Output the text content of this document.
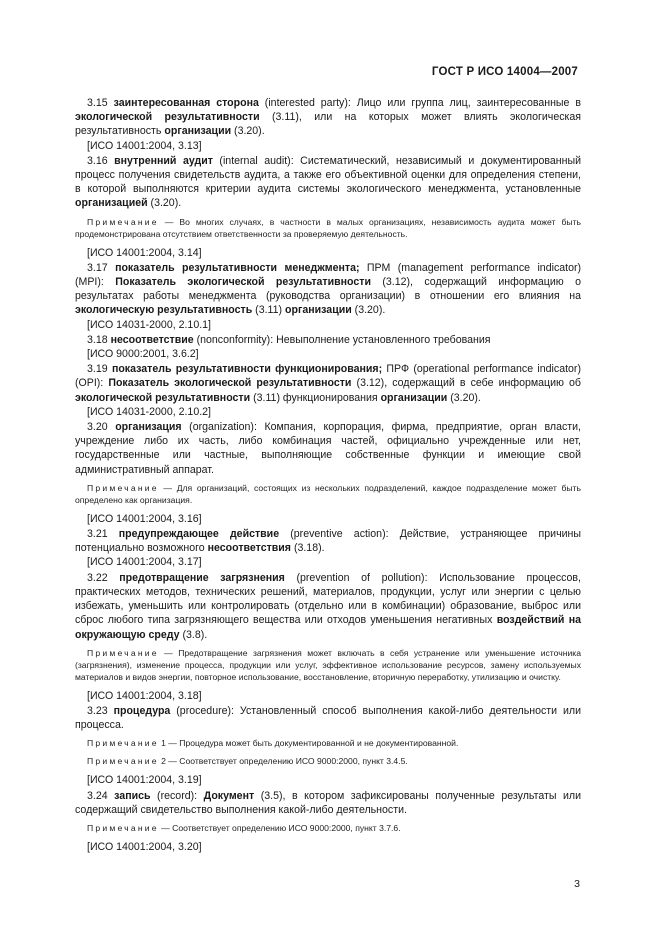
ГОСТ Р ИСО 14004—2007

3.15 заинтересованная сторона (interested party): Лицо или группа лиц, заинтересованные в экологической результативности (3.11), или на которых может влиять экологическая результативность организации (3.20).

[ИСО 14001:2004, 3.13]

3.16 внутренний аудит (internal audit): Систематический, независимый и документированный процесс получения свидетельств аудита, а также его объективной оценки для определения степени, в которой выполняются критерии аудита системы экологического менеджмента, установленные организацией (3.20).

Примечание — Во многих случаях, в частности в малых организациях, независимость аудита может быть продемонстрирована отсутствием ответственности за проверяемую деятельность.

[ИСО 14001:2004, 3.14]

3.17 показатель результативности менеджмента; ПРМ (management performance indicator) (MPI): Показатель экологической результативности (3.12), содержащий информацию о результатах работы менеджмента (руководства организации) в отношении его влияния на экологическую результативность (3.11) организации (3.20).

[ИСО 14031-2000, 2.10.1]

3.18 несоответствие (nonconformity): Невыполнение установленного требования

[ИСО 9000:2001, 3.6.2]

3.19 показатель результативности функционирования; ПРФ (operational performance indicator)(OPI): Показатель экологической результативности (3.12), содержащий в себе информацию об экологической результативности (3.11) функционирования организации (3.20).

[ИСО 14031-2000, 2.10.2]

3.20 организация (organization): Компания, корпорация, фирма, предприятие, орган власти, учреждение либо их часть, либо комбинация частей, официально учрежденные или нет, государственные или частные, выполняющие собственные функции и имеющие свой административный аппарат.

Примечание — Для организаций, состоящих из нескольких подразделений, каждое подразделение может быть определено как организация.

[ИСО 14001:2004, 3.16]

3.21 предупреждающее действие (preventive action): Действие, устраняющее причины потенциально возможного несоответствия (3.18).

[ИСО 14001:2004, 3.17]

3.22 предотвращение загрязнения (prevention of pollution): Использование процессов, практических методов, технических решений, материалов, продукции, услуг или энергии с целью избежать, уменьшить или контролировать (отдельно или в комбинации) образование, выброс или сброс любого типа загрязняющего вещества или отходов уменьшения негативных воздействий на окружающую среду (3.8).

Примечание — Предотвращение загрязнения может включать в себя устранение или уменьшение источника (загрязнения), изменение процесса, продукции или услуг, эффективное использование ресурсов, замену используемых материалов и видов энергии, повторное использование, восстановление, вторичную переработку, утилизацию и очистку.

[ИСО 14001:2004, 3.18]

3.23 процедура (procedure): Установленный способ выполнения какой-либо деятельности или процесса.

Примечание 1 — Процедура может быть документированной и не документированной.

Примечание 2 — Соответствует определению ИСО 9000:2000, пункт 3.4.5.

[ИСО 14001:2004, 3.19]

3.24 запись (record): Документ (3.5), в котором зафиксированы полученные результаты или содержащий свидетельство выполнения какой-либо деятельности.

Примечание — Соответствует определению ИСО 9000:2000, пункт 3.7.6.

[ИСО 14001:2004, 3.20]
3
